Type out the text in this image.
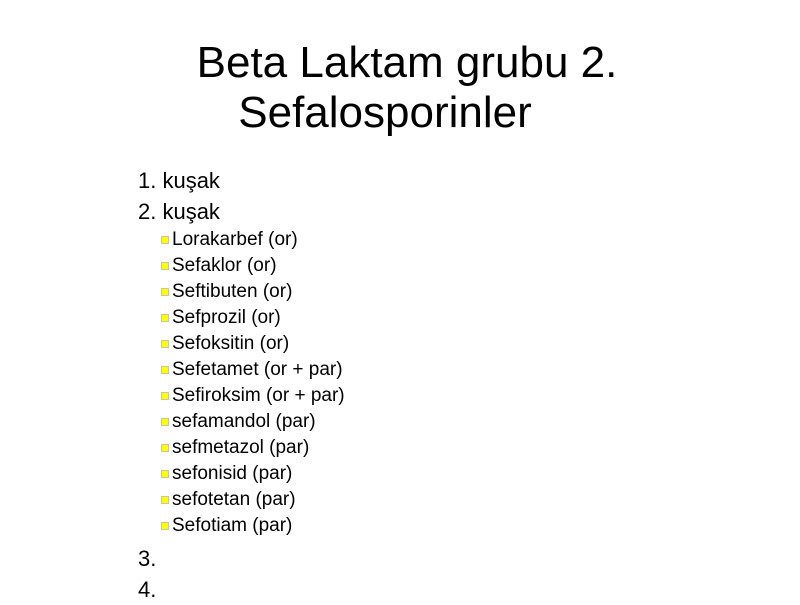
Beta Laktam grubu 2.
Sefalosporinler
1. kuşak
2. kuşak
Lorakarbef (or)
Sefaklor (or)
Seftibuten (or)
Sefprozil (or)
Sefoksitin (or)
Sefetamet (or + par)
Sefiroksim (or + par)
sefamandol (par)
sefmetazol (par)
sefonisid (par)
sefotetan (par)
Sefotiam (par)
3.
4.
